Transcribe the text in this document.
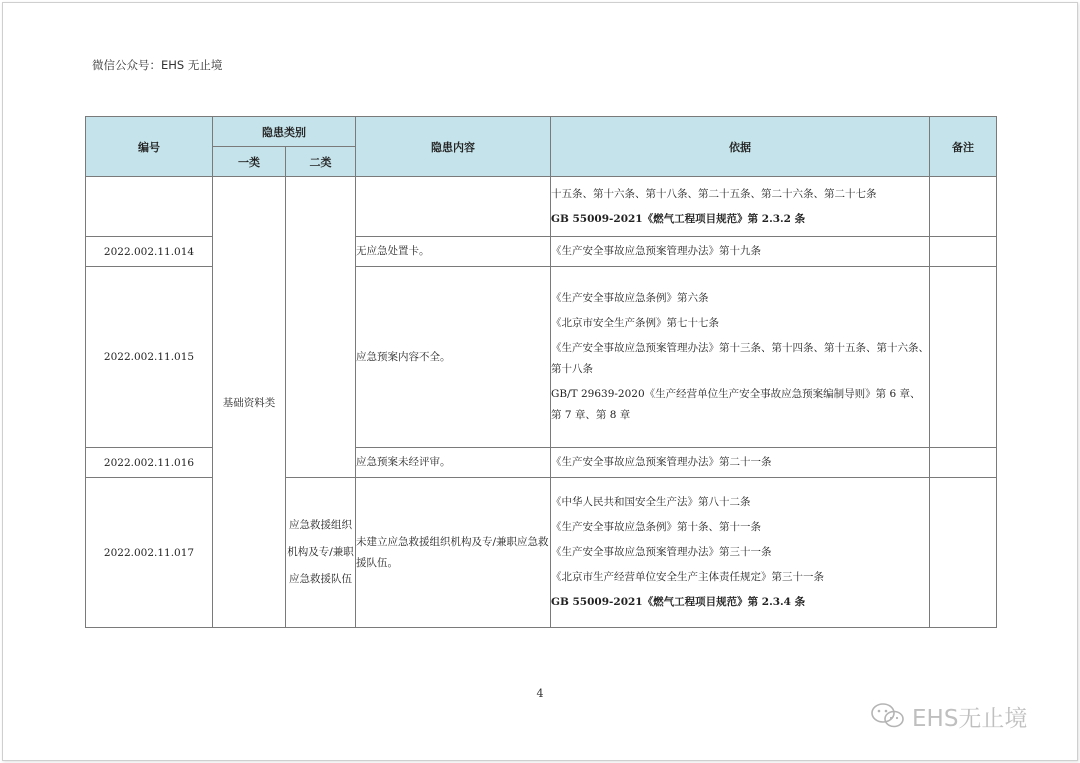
微信公众号：EHS 无止境
编号	隐患类别		隐患内容	依据	备注
	一类	二类			
	基础资料类			十五条、第十六条、第十八条、第二十五条、第二十六条、第二十七条
GB 55009-2021《燃气工程项目规范》第 2.3.2 条	

2022.002.11.014			无应急处置卡。	《生产安全事故应急预案管理办法》第十九条	

2022.002.11.015			应急预案内容不全。	《生产安全事故应急条例》第六条
《北京市安全生产条例》第七十七条
《生产安全事故应急预案管理办法》第十三条、第十四条、第十五条、第十六条、第十八条
GB/T 29639-2020《生产经营单位生产安全事故应急预案编制导则》第 6 章、第 7 章、第 8 章	

2022.002.11.016			应急预案未经评审。	《生产安全事故应急预案管理办法》第二十一条	

2022.002.11.017		应急救援组织机构及专/兼职应急救援队伍	未建立应急救援组织机构及专/兼职应急救援队伍。	《中华人民共和国安全生产法》第八十二条
《生产安全事故应急条例》第十条、第十一条
《生产安全事故应急预案管理办法》第三十一条
《北京市生产经营单位安全生产主体责任规定》第三十一条
GB 55009-2021《燃气工程项目规范》第 2.3.4 条	

4
EHS无止境
